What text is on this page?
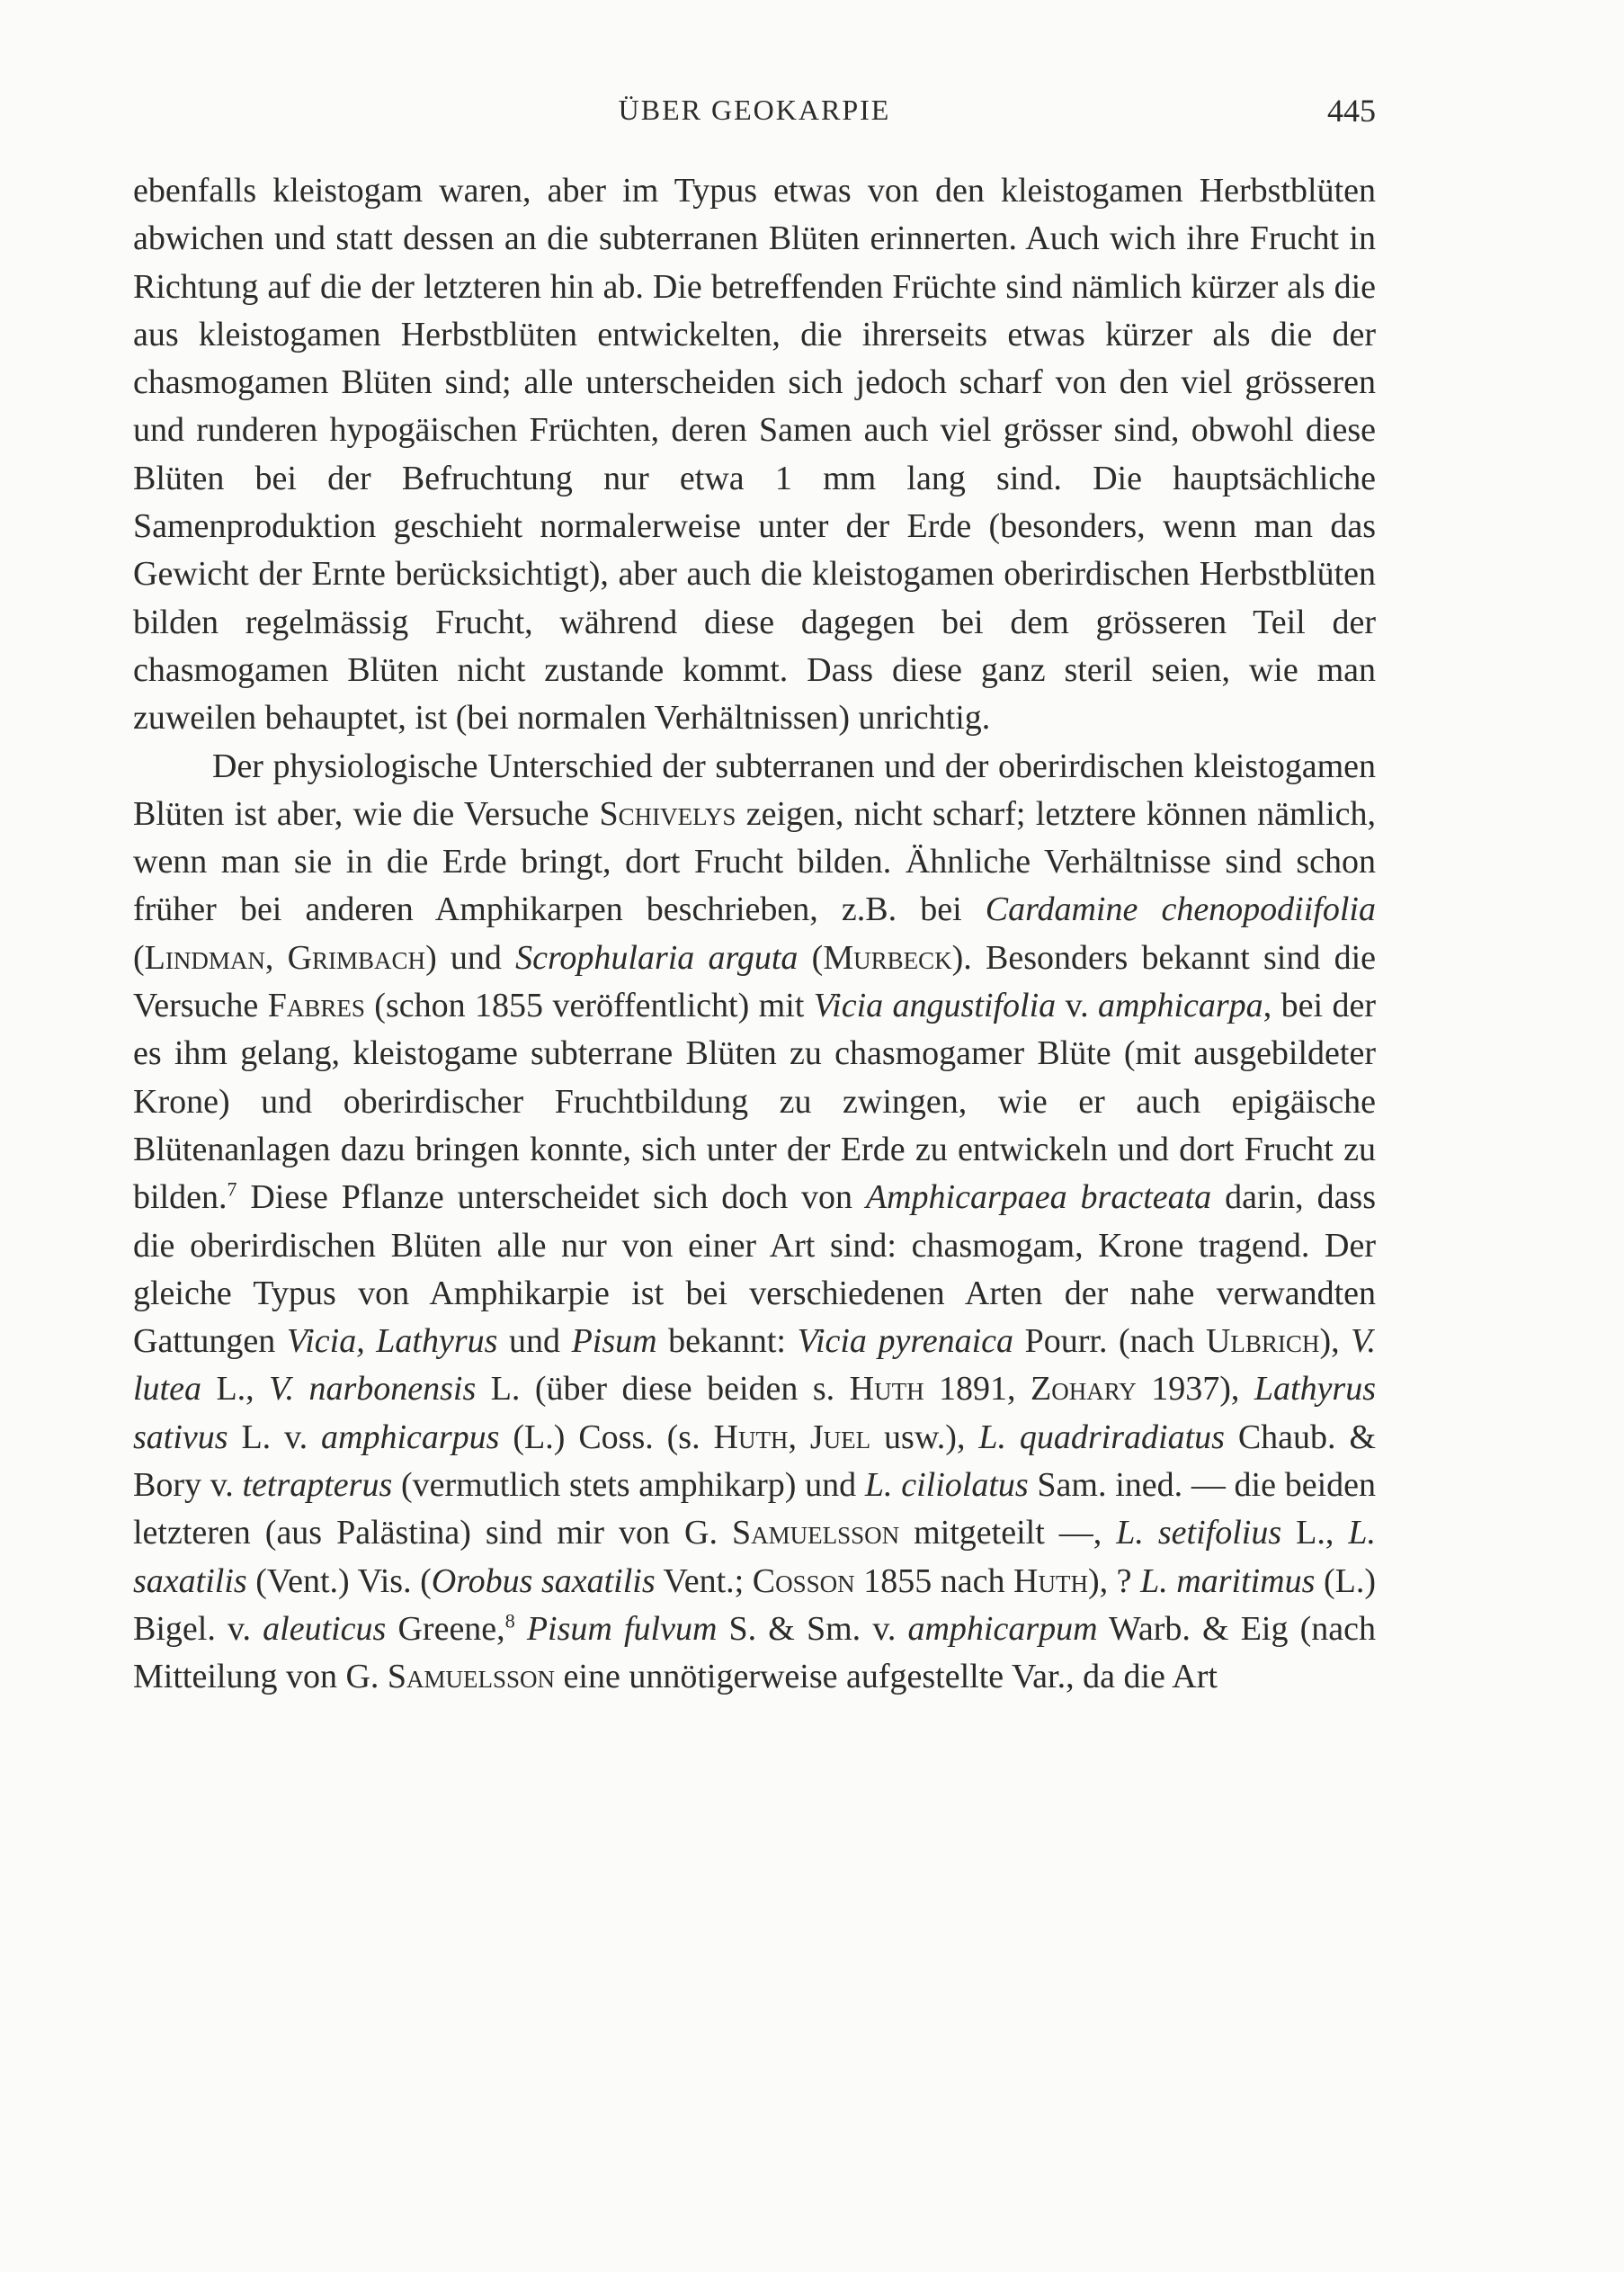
ÜBER GEOKARPIE	445

ebenfalls kleistogam waren, aber im Typus etwas von den kleistogamen Herbstblüten abwichen und statt dessen an die subterranen Blüten erinnerten. Auch wich ihre Frucht in Richtung auf die der letzteren hin ab. Die betreffenden Früchte sind nämlich kürzer als die aus kleistogamen Herbstblüten entwickelten, die ihrerseits etwas kürzer als die der chasmogamen Blüten sind; alle unterscheiden sich jedoch scharf von den viel grösseren und runderen hypogäischen Früchten, deren Samen auch viel grösser sind, obwohl diese Blüten bei der Befruchtung nur etwa 1 mm lang sind. Die hauptsächliche Samenproduktion geschieht normalerweise unter der Erde (besonders, wenn man das Gewicht der Ernte berücksichtigt), aber auch die kleistogamen oberirdischen Herbstblüten bilden regelmässig Frucht, während diese dagegen bei dem grösseren Teil der chasmogamen Blüten nicht zustande kommt. Dass diese ganz steril seien, wie man zuweilen behauptet, ist (bei normalen Verhältnissen) unrichtig.

Der physiologische Unterschied der subterranen und der oberirdischen kleistogamen Blüten ist aber, wie die Versuche Schivelys zeigen, nicht scharf; letztere können nämlich, wenn man sie in die Erde bringt, dort Frucht bilden. Ähnliche Verhältnisse sind schon früher bei anderen Amphikarpen beschrieben, z.B. bei Cardamine chenopodiifolia (Lindman, Grimbach) und Scrophularia arguta (Murbeck). Besonders bekannt sind die Versuche Fabres (schon 1855 veröffentlicht) mit Vicia angustifolia v. amphicarpa, bei der es ihm gelang, kleistogame subterrane Blüten zu chasmogamer Blüte (mit ausgebildeter Krone) und oberirdischer Fruchtbildung zu zwingen, wie er auch epigäische Blütenanlagen dazu bringen konnte, sich unter der Erde zu entwickeln und dort Frucht zu bilden.$^7$ Diese Pflanze unterscheidet sich doch von Amphicarpaea bracteata darin, dass die oberirdischen Blüten alle nur von einer Art sind: chasmogam, Krone tragend. Der gleiche Typus von Amphikarpie ist bei verschiedenen Arten der nahe verwandten Gattungen Vicia, Lathyrus und Pisum bekannt: Vicia pyrenaica Pourr. (nach Ulbrich), V. lutea L., V. narbonensis L. (über diese beiden s. Huth 1891, Zohary 1937), Lathyrus sativus L. v. amphicarpus (L.) Coss. (s. Huth, Juel usw.), L. quadriradiatus Chaub. & Bory v. tetrapterus (vermutlich stets amphikarp) und L. ciliolatus Sam. ined. — die beiden letzteren (aus Palästina) sind mir von G. Samuelsson mitgeteilt —, L. setifolius L., L. saxatilis (Vent.) Vis. (Orobus saxatilis Vent.; Cosson 1855 nach Huth), ? L. maritimus (L.) Bigel. v. aleuticus Greene,$^8$ Pisum fulvum S. & Sm. v. amphicarpum Warb. & Eig (nach Mitteilung von G. Samuelsson eine unnötigerweise aufgestellte Var., da die Art
